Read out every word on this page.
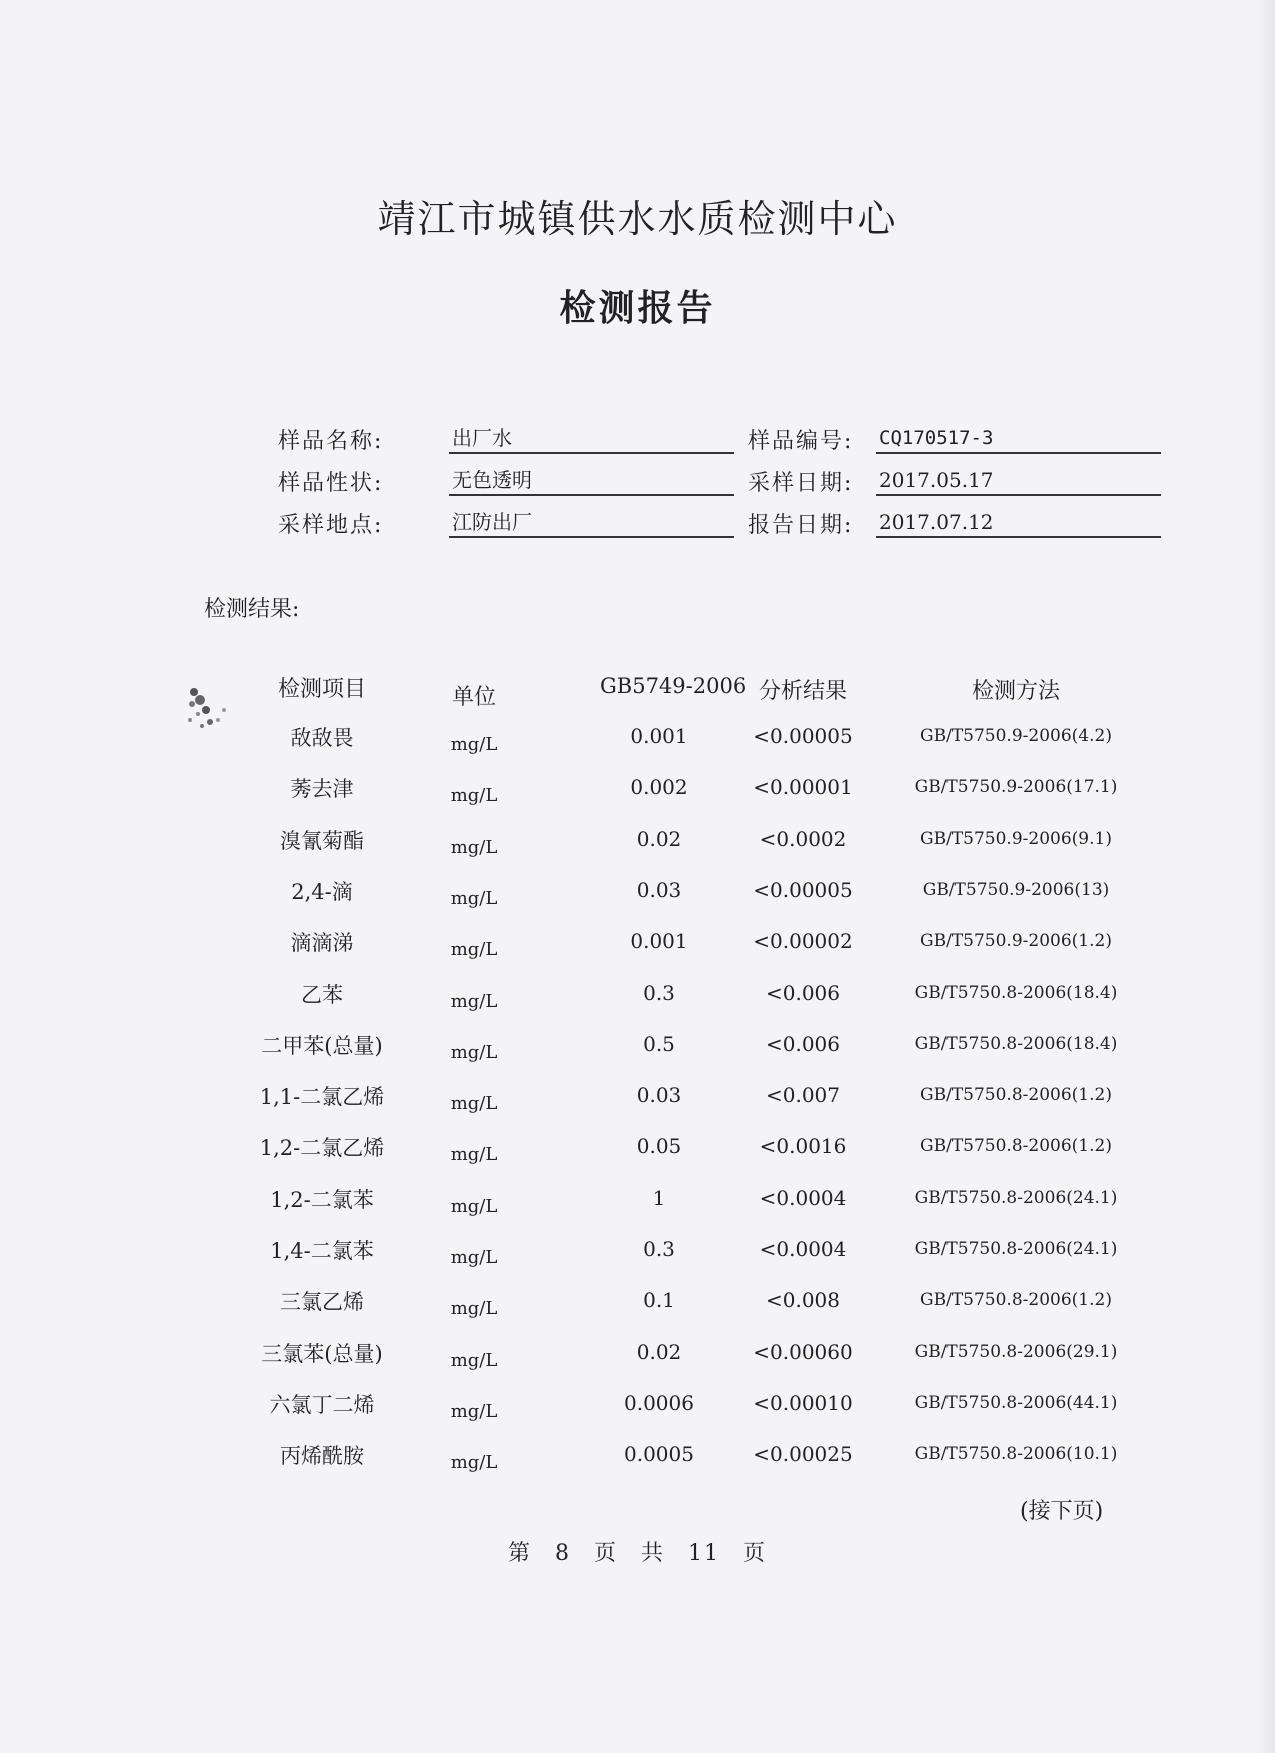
靖江市城镇供水水质检测中心
检测报告
样品名称:	出厂水	样品编号: CQ170517-3
样品性状:	无色透明	采样日期: 2017.05.17
采样地点:	江防出厂	报告日期: 2017.07.12
检测结果:
检测项目	单位	GB5749-2006 分析结果	检测方法
敌敌畏	mg/L	0.001	<0.00005	GB/T5750.9-2006(4.2)
莠去津	mg/L	0.002	<0.00001	GB/T5750.9-2006(17.1)
溴氰菊酯	mg/L	0.02	<0.0002	GB/T5750.9-2006(9.1)
2,4-滴	mg/L	0.03	<0.00005	GB/T5750.9-2006(13)
滴滴涕	mg/L	0.001	<0.00002	GB/T5750.9-2006(1.2)
乙苯	mg/L	0.3	<0.006	GB/T5750.8-2006(18.4)
二甲苯(总量)	mg/L	0.5	<0.006	GB/T5750.8-2006(18.4)
1,1-二氯乙烯	mg/L	0.03	<0.007	GB/T5750.8-2006(1.2)
1,2-二氯乙烯	mg/L	0.05	<0.0016	GB/T5750.8-2006(1.2)
1,2-二氯苯	mg/L	1	<0.0004	GB/T5750.8-2006(24.1)
1,4-二氯苯	mg/L	0.3	<0.0004	GB/T5750.8-2006(24.1)
三氯乙烯	mg/L	0.1	<0.008	GB/T5750.8-2006(1.2)
三氯苯(总量)	mg/L	0.02	<0.00060	GB/T5750.8-2006(29.1)
六氯丁二烯	mg/L	0.0006	<0.00010	GB/T5750.8-2006(44.1)
丙烯酰胺	mg/L	0.0005	<0.00025	GB/T5750.8-2006(10.1)
(接下页)
第 8 页 共 11 页
